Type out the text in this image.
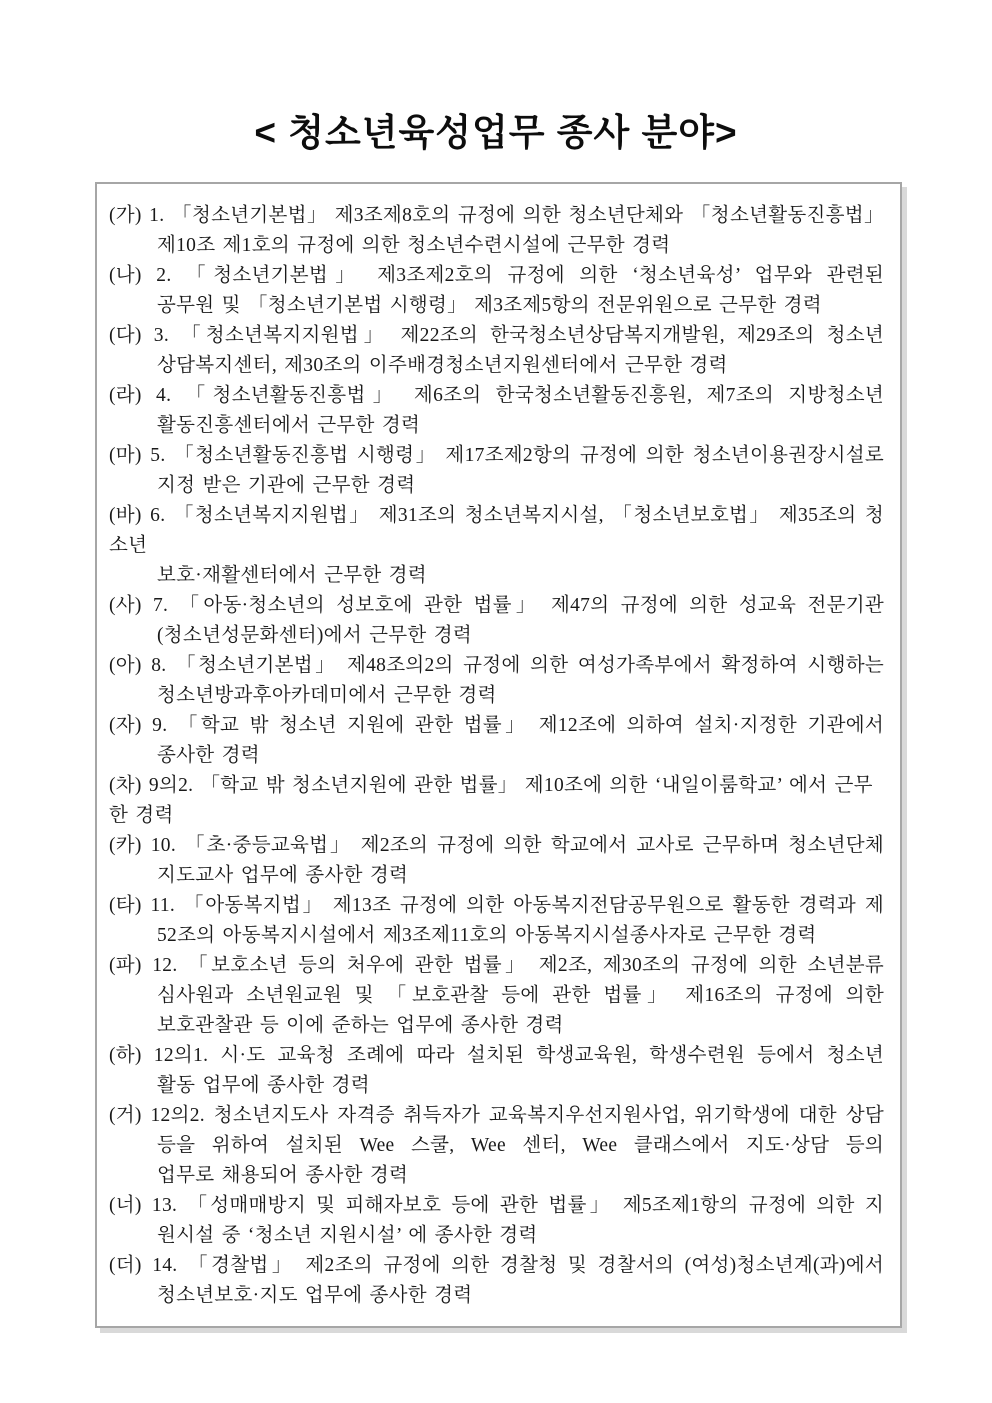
< 청소년육성업무 종사 분야>
(가) 1. 「청소년기본법」 제3조제8호의 규정에 의한 청소년단체와 「청소년활동진흥법」
제10조 제1호의 규정에 의한 청소년수련시설에 근무한 경력
(나) 2. 「청소년기본법」 제3조제2호의 규정에 의한 ‘청소년육성’ 업무와 관련된
공무원 및 「청소년기본법 시행령」 제3조제5항의 전문위원으로 근무한 경력
(다) 3. 「청소년복지지원법」 제22조의 한국청소년상담복지개발원, 제29조의 청소년
상담복지센터, 제30조의 이주배경청소년지원센터에서 근무한 경력
(라) 4. 「청소년활동진흥법」 제6조의 한국청소년활동진흥원, 제7조의 지방청소년
활동진흥센터에서 근무한 경력
(마) 5. 「청소년활동진흥법 시행령」 제17조제2항의 규정에 의한 청소년이용권장시설로
지정 받은 기관에 근무한 경력
(바) 6. 「청소년복지지원법」 제31조의 청소년복지시설, 「청소년보호법」 제35조의 청소년
보호·재활센터에서 근무한 경력
(사) 7. 「아동·청소년의 성보호에 관한 법률」 제47의 규정에 의한 성교육 전문기관
(청소년성문화센터)에서 근무한 경력
(아) 8. 「청소년기본법」 제48조의2의 규정에 의한 여성가족부에서 확정하여 시행하는
청소년방과후아카데미에서 근무한 경력
(자) 9. 「학교 밖 청소년 지원에 관한 법률」 제12조에 의하여 설치·지정한 기관에서
종사한 경력
(차) 9의2. 「학교 밖 청소년지원에 관한 법률」 제10조에 의한 ‘내일이룸학교’ 에서 근무한 경력
(카) 10. 「초·중등교육법」 제2조의 규정에 의한 학교에서 교사로 근무하며 청소년단체
지도교사 업무에 종사한 경력
(타) 11. 「아동복지법」 제13조 규정에 의한 아동복지전담공무원으로 활동한 경력과 제
52조의 아동복지시설에서 제3조제11호의 아동복지시설종사자로 근무한 경력
(파) 12. 「보호소년 등의 처우에 관한 법률」 제2조, 제30조의 규정에 의한 소년분류
심사원과 소년원교원 및 「보호관찰 등에 관한 법률」 제16조의 규정에 의한
보호관찰관 등 이에 준하는 업무에 종사한 경력
(하) 12의1. 시·도 교육청 조례에 따라 설치된 학생교육원, 학생수련원 등에서 청소년
활동 업무에 종사한 경력
(거) 12의2. 청소년지도사 자격증 취득자가 교육복지우선지원사업, 위기학생에 대한 상담
등을 위하여 설치된 Wee 스쿨, Wee 센터, Wee 클래스에서 지도·상담 등의
업무로 채용되어 종사한 경력
(너) 13. 「성매매방지 및 피해자보호 등에 관한 법률」 제5조제1항의 규정에 의한 지
원시설 중 ‘청소년 지원시설’ 에 종사한 경력
(더) 14. 「경찰법」 제2조의 규정에 의한 경찰청 및 경찰서의 (여성)청소년계(과)에서
청소년보호·지도 업무에 종사한 경력
